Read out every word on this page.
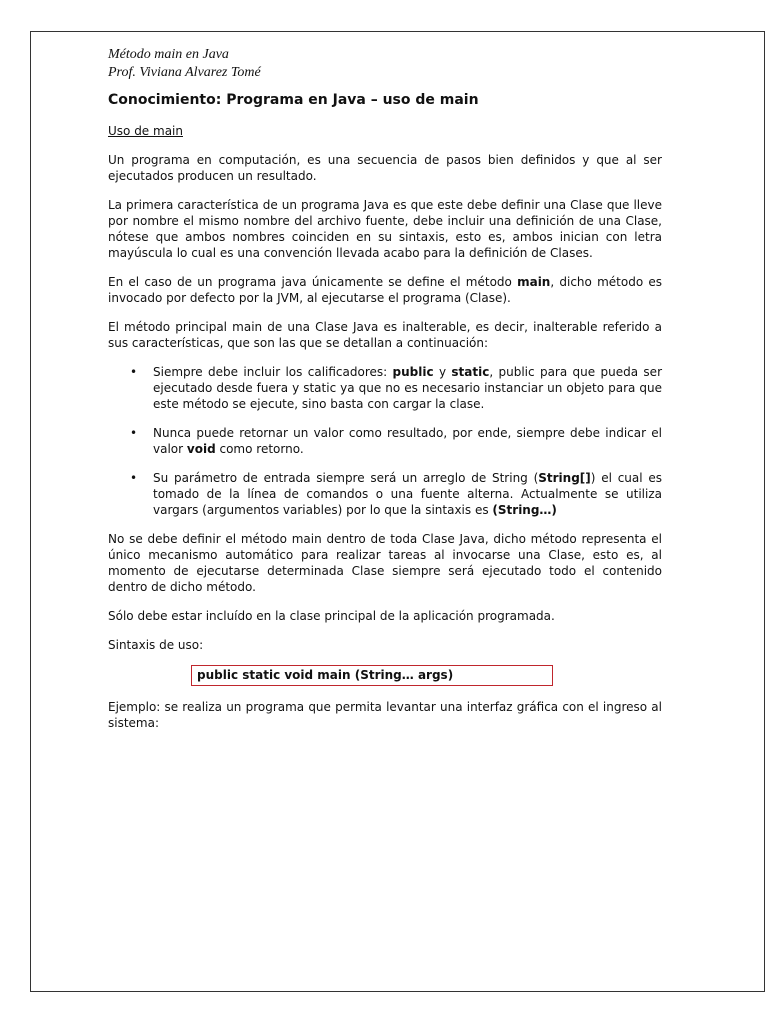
Método main en Java
Prof. Viviana Alvarez Tomé
Conocimiento: Programa en Java – uso de main
Uso de main

Un programa en computación, es una secuencia de pasos bien definidos y que al ser ejecutados producen un resultado.

La primera característica de un programa Java es que este debe definir una Clase que lleve por nombre el mismo nombre del archivo fuente, debe incluir una definición de una Clase, nótese que ambos nombres coinciden en su sintaxis, esto es, ambos inician con letra mayúscula lo cual es una convención llevada acabo para la definición de Clases.

En el caso de un programa java únicamente se define el método main, dicho método es invocado por defecto por la JVM, al ejecutarse el programa (Clase).

El método principal main de una Clase Java es inalterable, es decir, inalterable referido a sus características, que son las que se detallan a continuación:

• Siempre debe incluir los calificadores: public y static, public para que pueda ser ejecutado desde fuera y static ya que no es necesario instanciar un objeto para que este método se ejecute, sino basta con cargar la clase.
• Nunca puede retornar un valor como resultado, por ende, siempre debe indicar el valor void como retorno.
• Su parámetro de entrada siempre será un arreglo de String (String[]) el cual es tomado de la línea de comandos o una fuente alterna. Actualmente se utiliza vargars (argumentos variables) por lo que la sintaxis es (String…)

No se debe definir el método main dentro de toda Clase Java, dicho método representa el único mecanismo automático para realizar tareas al invocarse una Clase, esto es, al momento de ejecutarse determinada Clase siempre será ejecutado todo el contenido dentro de dicho método.

Sólo debe estar incluído en la clase principal de la aplicación programada.

Sintaxis de uso:

public static void main (String… args)

Ejemplo: se realiza un programa que permita levantar una interfaz gráfica con el ingreso al sistema:
